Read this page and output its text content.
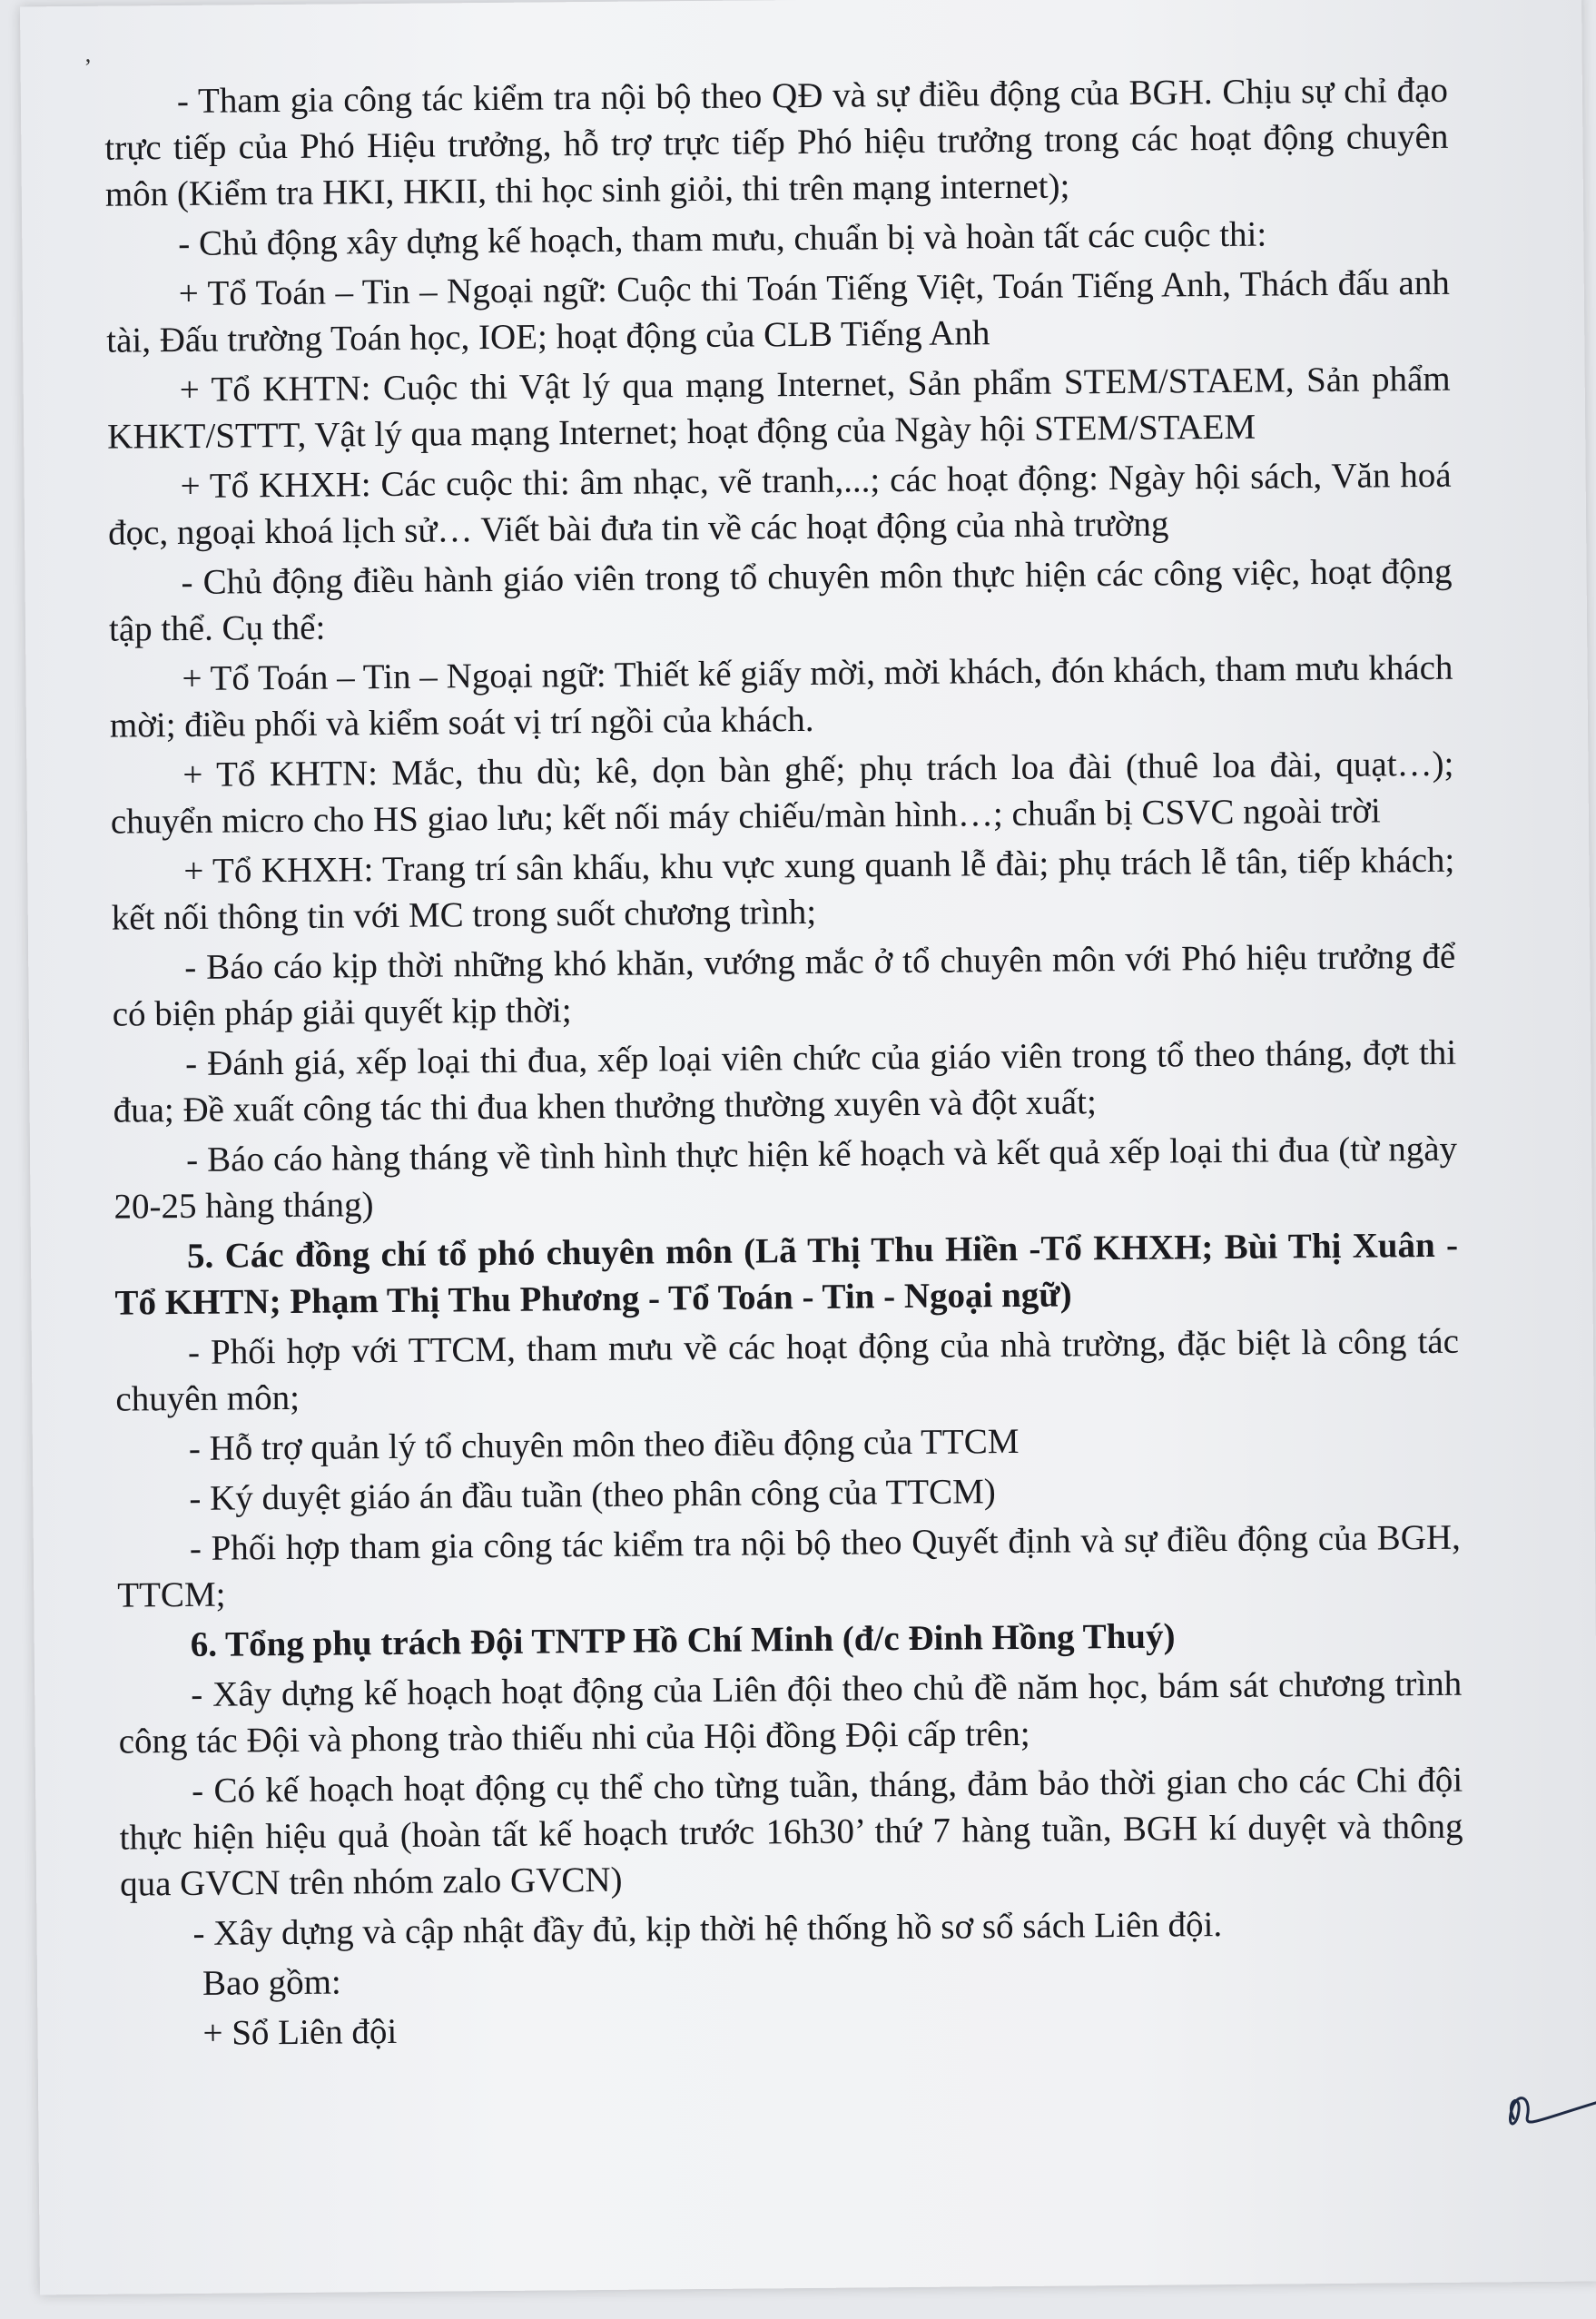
‚

- Tham gia công tác kiểm tra nội bộ theo QĐ và sự điều động của BGH. Chịu sự chỉ đạo trực tiếp của Phó Hiệu trưởng, hỗ trợ trực tiếp Phó hiệu trưởng trong các hoạt động chuyên môn (Kiểm tra HKI, HKII, thi học sinh giỏi, thi trên mạng internet);

- Chủ động xây dựng kế hoạch, tham mưu, chuẩn bị và hoàn tất các cuộc thi:

+ Tổ Toán – Tin – Ngoại ngữ: Cuộc thi Toán Tiếng Việt, Toán Tiếng Anh, Thách đấu anh tài, Đấu trường Toán học, IOE; hoạt động của CLB Tiếng Anh

+ Tổ KHTN: Cuộc thi Vật lý qua mạng Internet, Sản phẩm STEM/STAEM, Sản phẩm KHKT/STTT, Vật lý qua mạng Internet; hoạt động của Ngày hội STEM/STAEM

+ Tổ KHXH: Các cuộc thi: âm nhạc, vẽ tranh,...; các hoạt động: Ngày hội sách, Văn hoá đọc, ngoại khoá lịch sử… Viết bài đưa tin về các hoạt động của nhà trường

- Chủ động điều hành giáo viên trong tổ chuyên môn thực hiện các công việc, hoạt động tập thể. Cụ thể:

+ Tổ Toán – Tin – Ngoại ngữ: Thiết kế giấy mời, mời khách, đón khách, tham mưu khách mời; điều phối và kiểm soát vị trí ngồi của khách.

+ Tổ KHTN: Mắc, thu dù; kê, dọn bàn ghế; phụ trách loa đài (thuê loa đài, quạt…); chuyển micro cho HS giao lưu; kết nối máy chiếu/màn hình…; chuẩn bị CSVC ngoài trời

+ Tổ KHXH: Trang trí sân khấu, khu vực xung quanh lễ đài; phụ trách lễ tân, tiếp khách; kết nối thông tin với MC trong suốt chương trình;

- Báo cáo kịp thời những khó khăn, vướng mắc ở tổ chuyên môn với Phó hiệu trưởng để có biện pháp giải quyết kịp thời;

- Đánh giá, xếp loại thi đua, xếp loại viên chức của giáo viên trong tổ theo tháng, đợt thi đua; Đề xuất công tác thi đua khen thưởng thường xuyên và đột xuất;

- Báo cáo hàng tháng về tình hình thực hiện kế hoạch và kết quả xếp loại thi đua (từ ngày 20-25 hàng tháng)

5. Các đồng chí tổ phó chuyên môn (Lã Thị Thu Hiền -Tổ KHXH; Bùi Thị Xuân - Tổ KHTN; Phạm Thị Thu Phương - Tổ Toán - Tin - Ngoại ngữ)

- Phối hợp với TTCM, tham mưu về các hoạt động của nhà trường, đặc biệt là công tác chuyên môn;

- Hỗ trợ quản lý tổ chuyên môn theo điều động của TTCM

- Ký duyệt giáo án đầu tuần (theo phân công của TTCM)

- Phối hợp tham gia công tác kiểm tra nội bộ theo Quyết định và sự điều động của BGH, TTCM;

6. Tổng phụ trách Đội TNTP Hồ Chí Minh (đ/c Đinh Hồng Thuý)

- Xây dựng kế hoạch hoạt động của Liên đội theo chủ đề năm học, bám sát chương trình công tác Đội và phong trào thiếu nhi của Hội đồng Đội cấp trên;

- Có kế hoạch hoạt động cụ thể cho từng tuần, tháng, đảm bảo thời gian cho các Chi đội thực hiện hiệu quả (hoàn tất kế hoạch trước 16h30’ thứ 7 hàng tuần, BGH kí duyệt và thông qua GVCN trên nhóm zalo GVCN)

- Xây dựng và cập nhật đầy đủ, kịp thời hệ thống hồ sơ sổ sách Liên đội.

Bao gồm:

+ Sổ Liên đội
